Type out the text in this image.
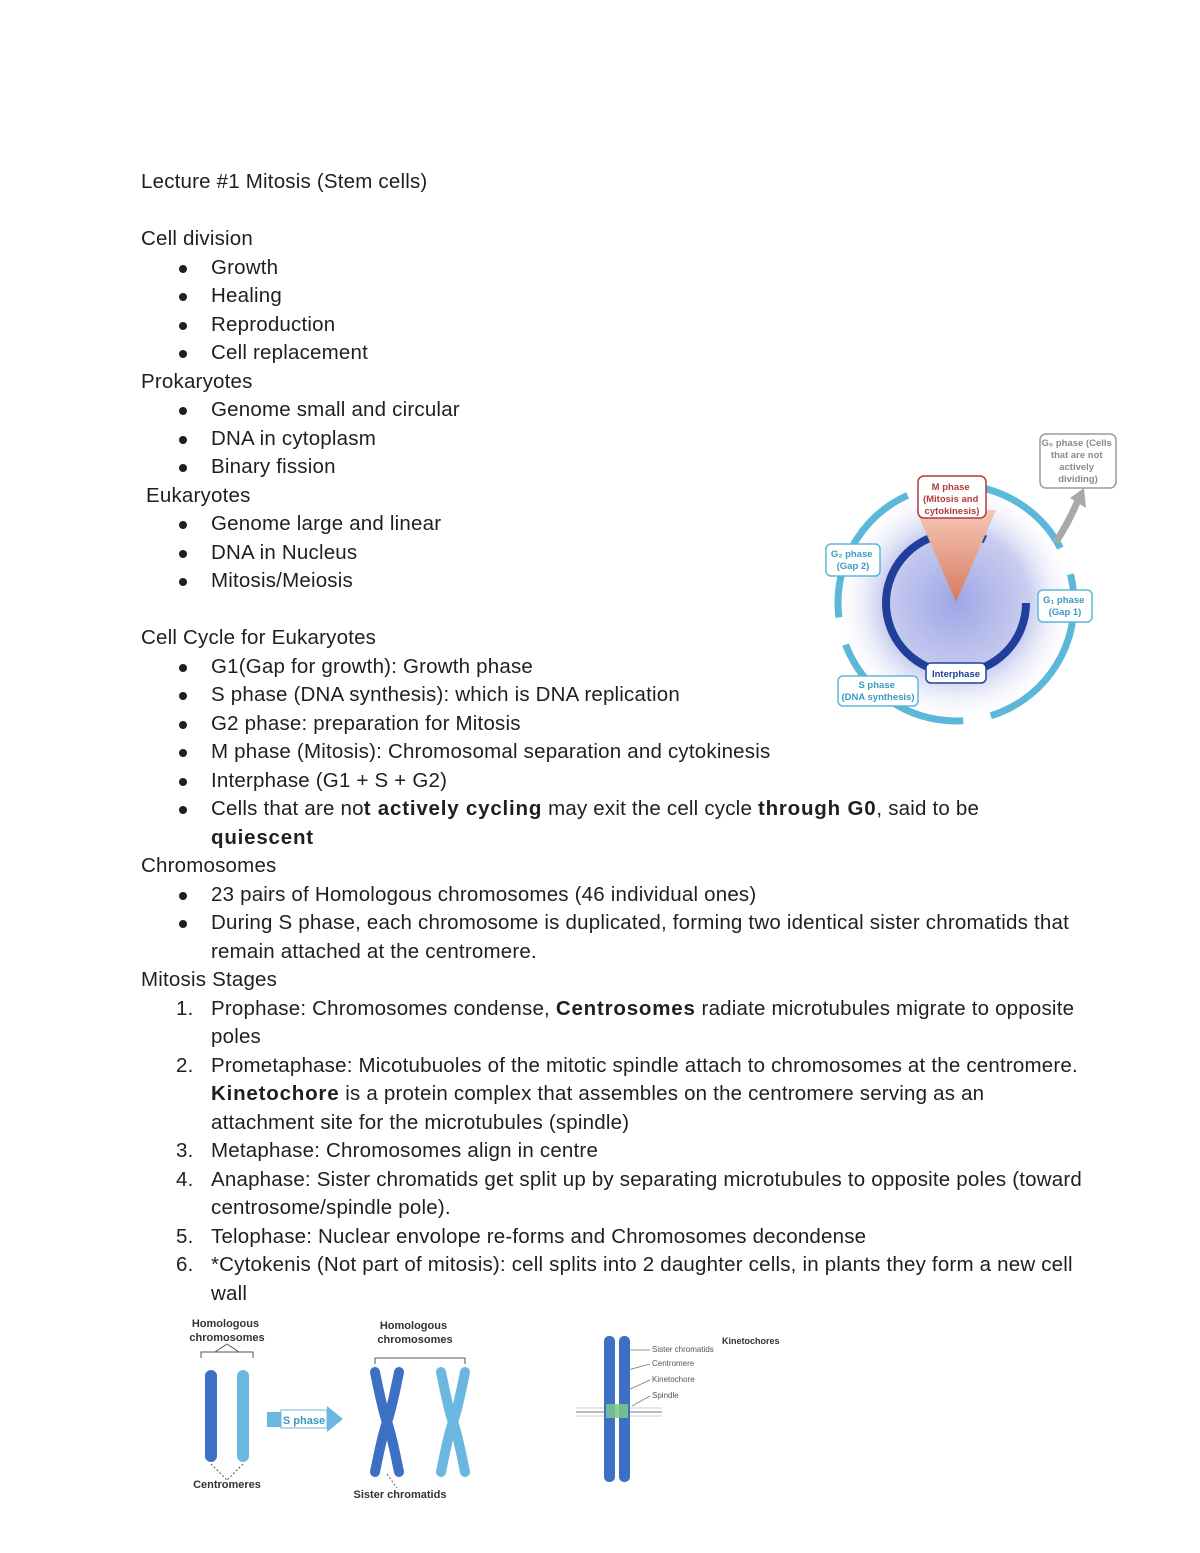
Lecture #1 Mitosis (Stem cells)
Cell division
Growth
Healing
Reproduction
Cell replacement
Prokaryotes
Genome small and circular
DNA in cytoplasm
Binary fission
Eukaryotes
Genome large and linear
DNA in Nucleus
Mitosis/Meiosis
Cell Cycle for Eukaryotes
G1(Gap for growth): Growth phase
S phase (DNA synthesis): which is DNA replication
G2 phase: preparation for Mitosis
M phase (Mitosis): Chromosomal separation and cytokinesis
Interphase (G1 + S + G2)
Cells that are not actively cycling may exit the cell cycle through G0, said to be
quiescent
Chromosomes
23 pairs of Homologous chromosomes (46 individual ones)
During S phase, each chromosome is duplicated, forming two identical sister chromatids that remain attached at the centromere.
Mitosis Stages
1. Prophase: Chromosomes condense, Centrosomes radiate microtubules migrate to opposite poles
2. Prometaphase: Micotubuoles of the mitotic spindle attach to chromosomes at the centromere. Kinetochore is a protein complex that assembles on the centromere serving as an attachment site for the microtubules (spindle)
3. Metaphase: Chromosomes align in centre
4. Anaphase: Sister chromatids get split up by separating microtubules to opposite poles (toward centrosome/spindle pole).
5. Telophase: Nuclear envolope re-forms and Chromosomes decondense
6. *Cytokenis (Not part of mitosis): cell splits into 2 daughter cells, in plants they form a new cell wall
G₀ phase (Cells that are not actively dividing)
M phase (Mitosis and cytokinesis)
G₂ phase (Gap 2)
G₁ phase (Gap 1)
Interphase
S phase (DNA synthesis)
Homologous chromosomes
Centromeres
S phase
Homologous chromosomes
Sister chromatids
Kinetochores
Sister chromatids Centromere Kinetochore Spindle
